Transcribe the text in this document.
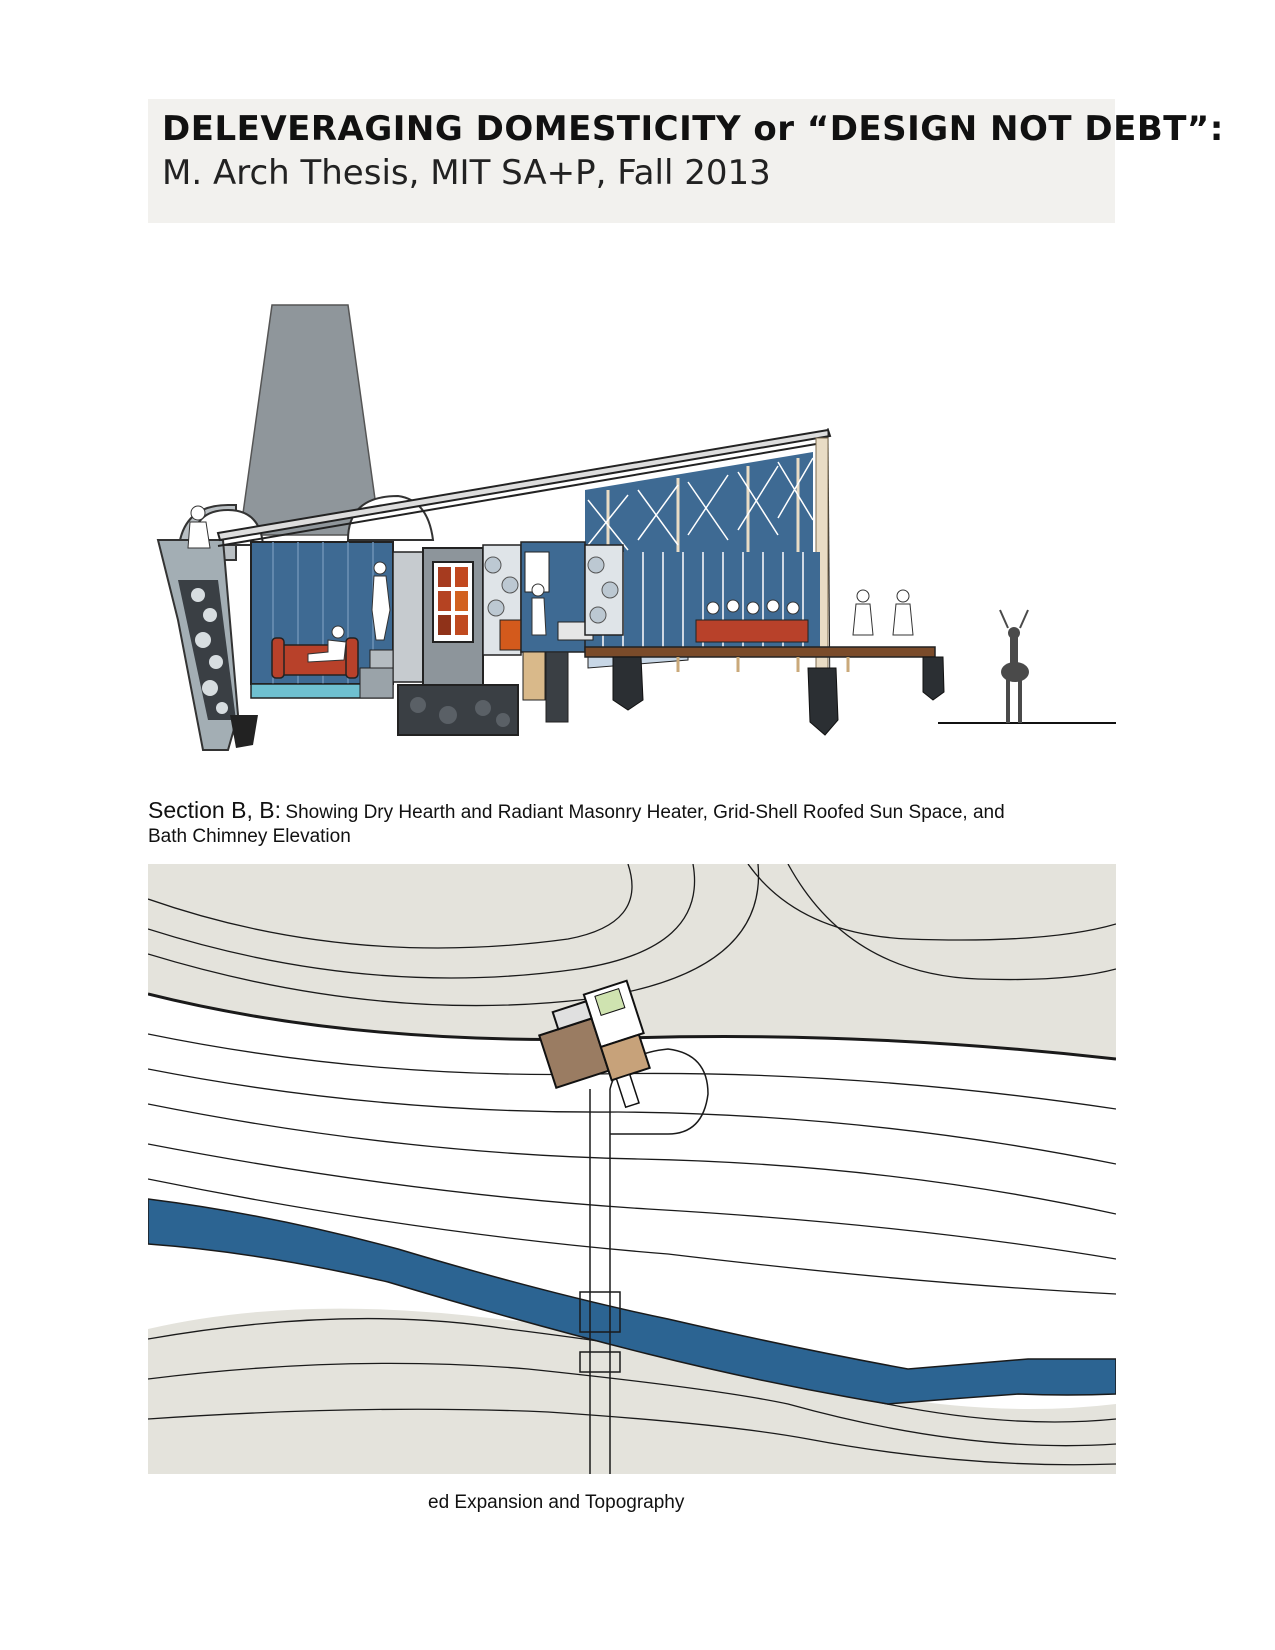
DELEVERAGING DOMESTICITY or “DESIGN NOT DEBT”:
M. Arch Thesis, MIT SA+P, Fall 2013
Section B, B: Showing Dry Hearth and Radiant Masonry Heater, Grid-Shell Roofed Sun Space, and
Bath Chimney Elevation
ed Expansion and Topography
